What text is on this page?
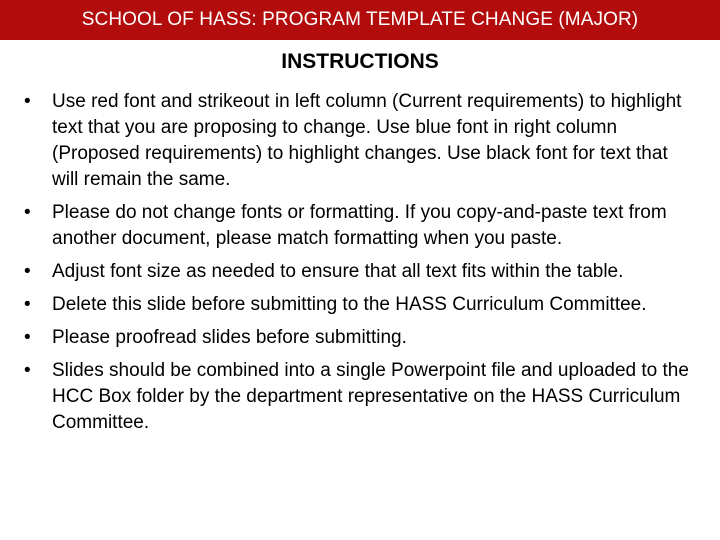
SCHOOL OF HASS: PROGRAM TEMPLATE CHANGE (MAJOR)
INSTRUCTIONS
•	Use red font and strikeout in left column (Current requirements) to highlight text that you are proposing to change. Use blue font in right column (Proposed requirements) to highlight changes. Use black font for text that will remain the same.
•	Please do not change fonts or formatting. If you copy-and-paste text from another document, please match formatting when you paste.
•	Adjust font size as needed to ensure that all text fits within the table.
•	Delete this slide before submitting to the HASS Curriculum Committee.
•	Please proofread slides before submitting.
•	Slides should be combined into a single Powerpoint file and uploaded to the HCC Box folder by the department representative on the HASS Curriculum Committee.
